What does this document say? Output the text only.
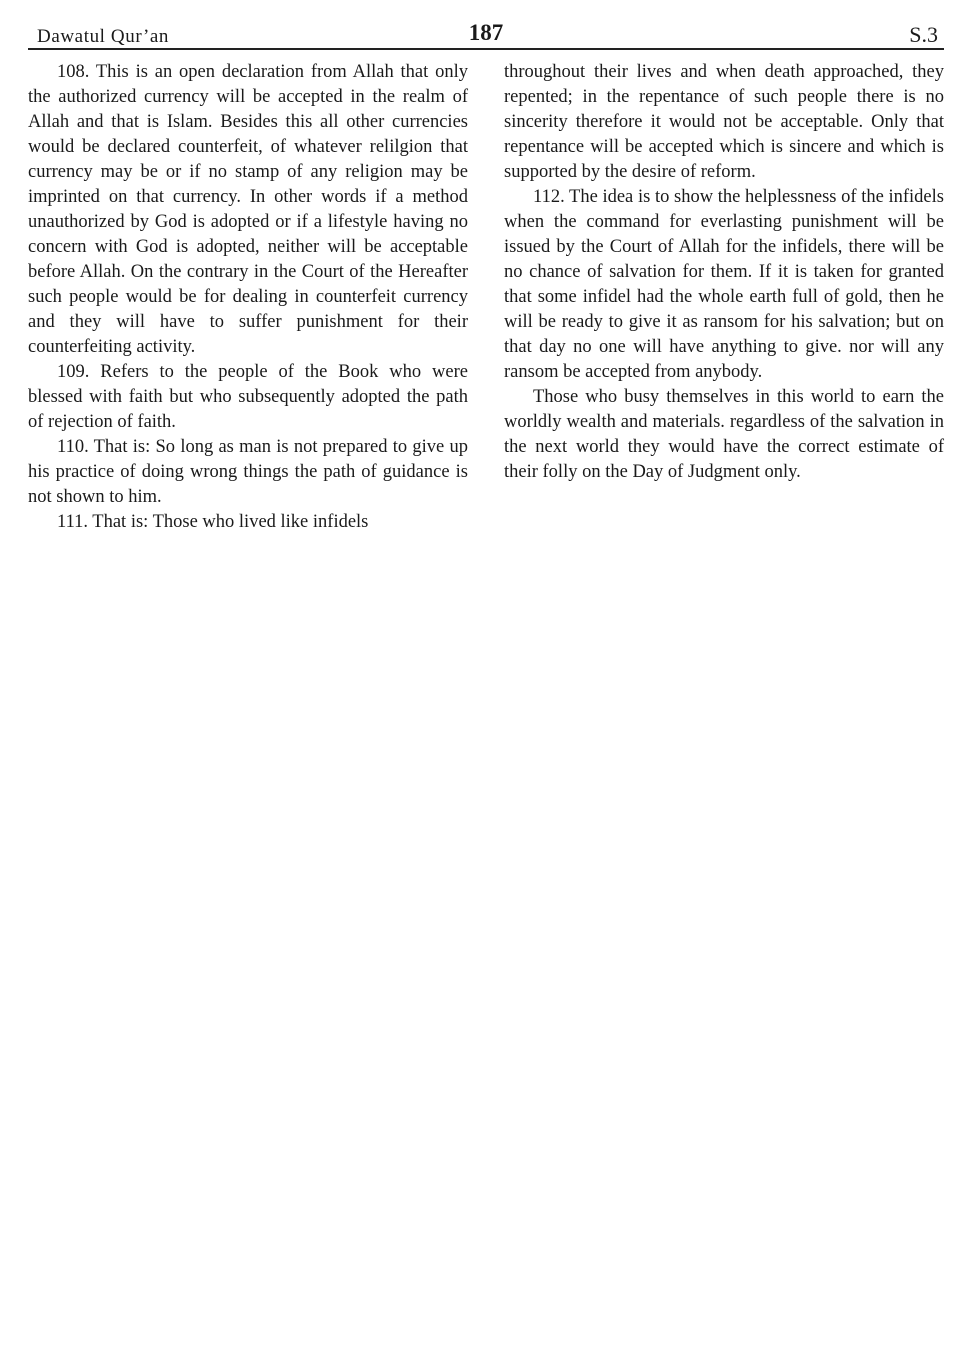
Dawatul Qur’an	187	S.3

108. This is an open declaration from Allah that only the authorized currency will be accepted in the realm of Allah and that is Islam. Besides this all other currencies would be declared counterfeit, of whatever relilgion that currency may be or if no stamp of any religion may be imprinted on that currency. In other words if a method unauthorized by God is adopted or if a lifestyle having no concern with God is adopted, neither will be acceptable before Allah. On the contrary in the Court of the Hereafter such people would be for dealing in counterfeit currency and they will have to suffer punishment for their counterfeiting activity.

109. Refers to the people of the Book who were blessed with faith but who subsequently adopted the path of rejection of faith.

110. That is: So long as man is not prepared to give up his practice of doing wrong things the path of guidance is not shown to him.

111. That is: Those who lived like infidels

throughout their lives and when death approached, they repented; in the repentance of such people there is no sincerity therefore it would not be acceptable. Only that repentance will be accepted which is sincere and which is supported by the desire of reform.

112. The idea is to show the helplessness of the infidels when the command for everlasting punishment will be issued by the Court of Allah for the infidels, there will be no chance of salvation for them. If it is taken for granted that some infidel had the whole earth full of gold, then he will be ready to give it as ransom for his salvation; but on that day no one will have anything to give. nor will any ransom be accepted from anybody.

Those who busy themselves in this world to earn the worldly wealth and materials. regardless of the salvation in the next world they would have the correct estimate of their folly on the Day of Judgment only.
